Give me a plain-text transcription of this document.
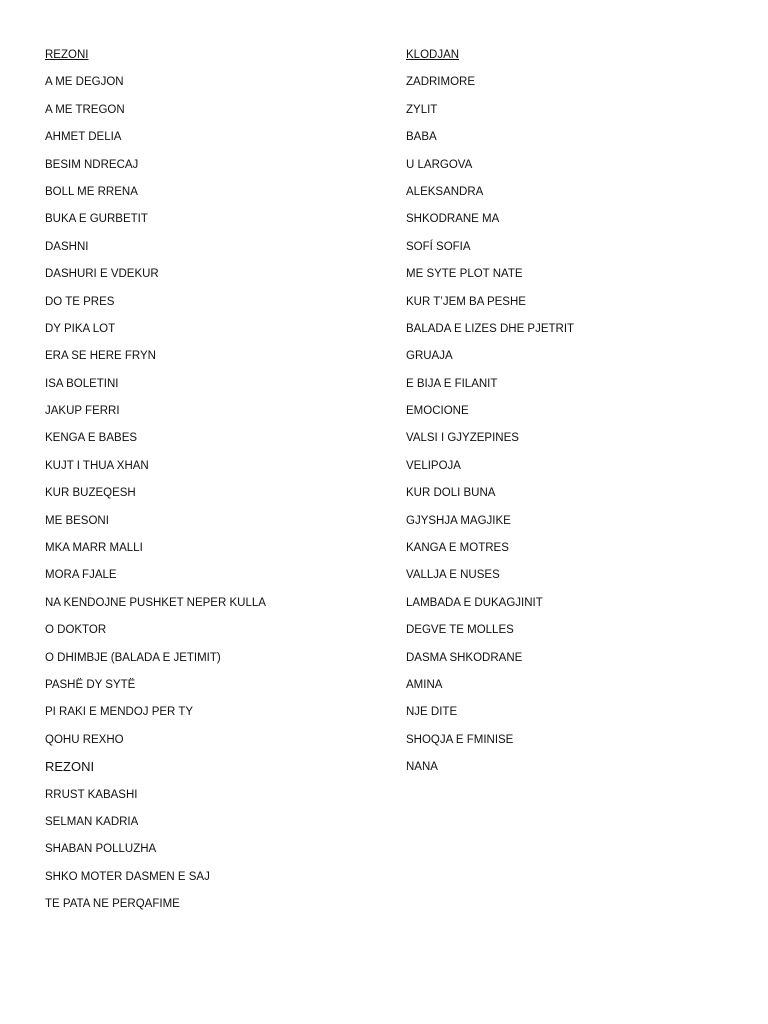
REZONI
A ME DEGJON
A ME TREGON
AHMET DELIA
BESIM NDRECAJ
BOLL ME RRENA
BUKA E GURBETIT
DASHNI
DASHURI E VDEKUR
DO TE PRES
DY PIKA LOT
ERA SE HERE FRYN
ISA BOLETINI
JAKUP FERRI
KENGA E BABES
KUJT I THUA XHAN
KUR BUZEQESH
ME BESONI
MKA MARR MALLI
MORA FJALE
NA KENDOJNE PUSHKET NEPER KULLA
O DOKTOR
O DHIMBJE (BALADA E JETIMIT)
PASHË DY SYTË
PI RAKI E MENDOJ PER TY
QOHU REXHO
REZONI
RRUST KABASHI
SELMAN KADRIA
SHABAN POLLUZHA
SHKO MOTER DASMEN E SAJ
TE PATA NE PERQAFIME
KLODJAN
ZADRIMORE
ZYLIT
BABA
U LARGOVA
ALEKSANDRA
SHKODRANE MA
SOFÍ SOFIA
ME SYTE PLOT NATE
KUR T’JEM BA PESHE
BALADA E LIZES DHE PJETRIT
GRUAJA
E BIJA E FILANIT
EMOCIONE
VALSI I GJYZEPINES
VELIPOJA
KUR DOLI BUNA
GJYSHJA MAGJIKE
KANGA E MOTRES
VALLJA E NUSES
LAMBADA E DUKAGJINIT
DEGVE TE MOLLES
DASMA SHKODRANE
AMINA
NJE DITE
SHOQJA E FMINISE
NANA
